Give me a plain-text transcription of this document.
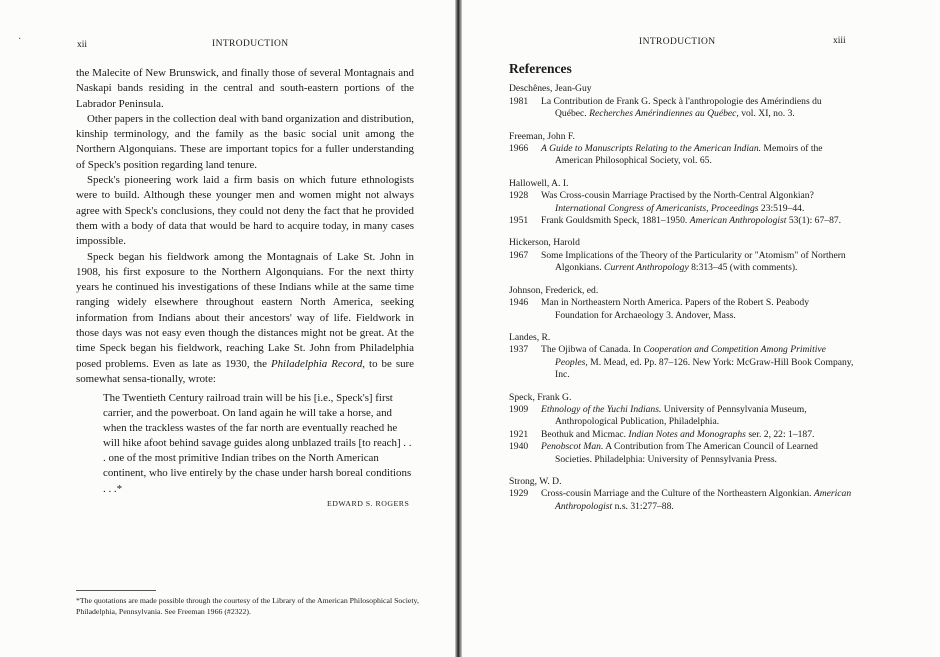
xii	INTRODUCTION
·

the Malecite of New Brunswick, and finally those of several Montagnais and Naskapi bands residing in the central and south-eastern portions of the Labrador Peninsula.

Other papers in the collection deal with band organization and distribution, kinship terminology, and the family as the basic social unit among the Northern Algonquians. These are important topics for a fuller understanding of Speck's position regarding land tenure.

Speck's pioneering work laid a firm basis on which future ethnologists were to build. Although these younger men and women might not always agree with Speck's conclusions, they could not deny the fact that he provided them with a body of data that would be hard to acquire today, in many cases impossible.

Speck began his fieldwork among the Montagnais of Lake St. John in 1908, his first exposure to the Northern Algonquians. For the next thirty years he continued his investigations of these Indians while at the same time ranging widely elsewhere throughout eastern North America, seeking information from Indians about their ancestors' way of life. Fieldwork in those days was not easy even though the distances might not be great. At the time Speck began his fieldwork, reaching Lake St. John from Philadelphia posed problems. Even as late as 1930, the Philadelphia Record, to be sure somewhat sensa-tionally, wrote:

The Twentieth Century railroad train will be his [i.e., Speck's] first carrier, and the powerboat. On land again he will take a horse, and when the trackless wastes of the far north are eventually reached he will hike afoot behind savage guides along unblazed trails [to reach] . . . one of the most primitive Indian tribes on the North American continent, who live entirely by the chase under harsh boreal conditions . . .*
EDWARD S. ROGERS
*The quotations are made possible through the courtesy of the Library of the American Philosophical Society, Philadelphia, Pennsylvania. See Freeman 1966 (#2322).
INTRODUCTION	xiii
References
Deschênes, Jean-Guy
1981	La Contribution de Frank G. Speck à l'anthropologie des Amérindiens du Québec. Recherches Amérindiennes au Québec, vol. XI, no. 3.
Freeman, John F.
1966	A Guide to Manuscripts Relating to the American Indian. Memoirs of the American Philosophical Society, vol. 65.
Hallowell, A. I.
1928	Was Cross-cousin Marriage Practised by the North-Central Algonkian? International Congress of Americanists, Proceedings 23:519–44.
1951	Frank Gouldsmith Speck, 1881–1950. American Anthropologist 53(1): 67–87.
Hickerson, Harold
1967	Some Implications of the Theory of the Particularity or "Atomism" of Northern Algonkians. Current Anthropology 8:313–45 (with comments).
Johnson, Frederick, ed.
1946	Man in Northeastern North America. Papers of the Robert S. Peabody Foundation for Archaeology 3. Andover, Mass.
Landes, R.
1937	The Ojibwa of Canada. In Cooperation and Competition Among Primitive Peoples, M. Mead, ed. Pp. 87–126. New York: McGraw-Hill Book Company, Inc.
Speck, Frank G.
1909	Ethnology of the Yuchi Indians. University of Pennsylvania Museum, Anthropological Publication, Philadelphia.
1921	Beothuk and Micmac. Indian Notes and Monographs ser. 2, 22: 1–187.
1940	Penobscot Man. A Contribution from The American Council of Learned Societies. Philadelphia: University of Pennsylvania Press.
Strong, W. D.
1929	Cross-cousin Marriage and the Culture of the Northeastern Algonkian. American Anthropologist n.s. 31:277–88.
